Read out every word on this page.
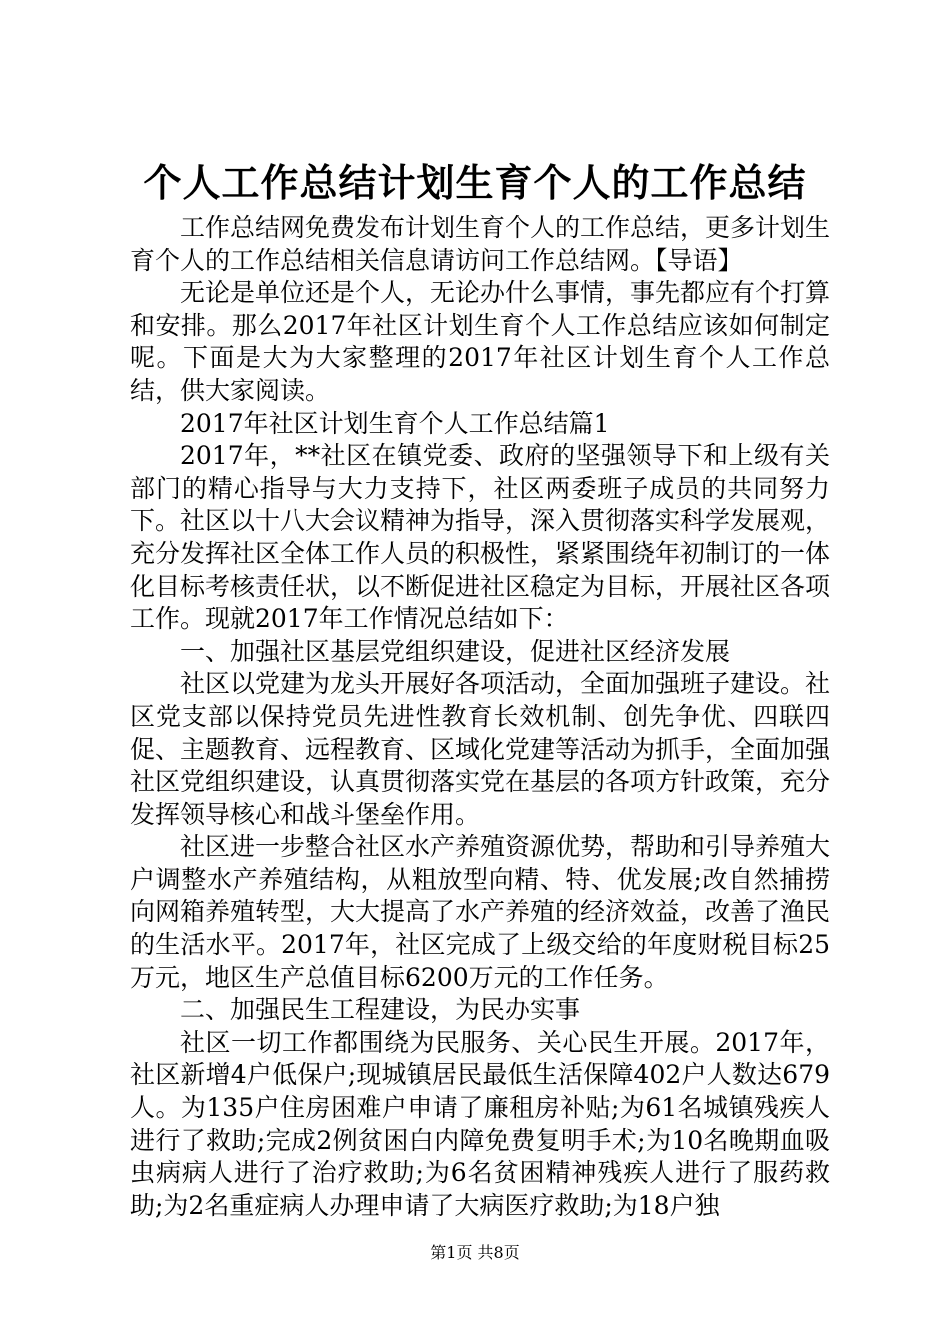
个人工作总结计划生育个人的工作总结

工作总结网免费发布计划生育个人的工作总结，更多计划生育个人的工作总结相关信息请访问工作总结网。【导语】

无论是单位还是个人，无论办什么事情，事先都应有个打算和安排。那么2017年社区计划生育个人工作总结应该如何制定呢。下面是大为大家整理的2017年社区计划生育个人工作总结，供大家阅读。

2017年社区计划生育个人工作总结篇1

2017年，**社区在镇党委、政府的坚强领导下和上级有关部门的精心指导与大力支持下，社区两委班子成员的共同努力下。社区以十八大会议精神为指导，深入贯彻落实科学发展观，充分发挥社区全体工作人员的积极性，紧紧围绕年初制订的一体化目标考核责任状，以不断促进社区稳定为目标，开展社区各项工作。现就2017年工作情况总结如下：

一、加强社区基层党组织建设，促进社区经济发展

社区以党建为龙头开展好各项活动，全面加强班子建设。社区党支部以保持党员先进性教育长效机制、创先争优、四联四促、主题教育、远程教育、区域化党建等活动为抓手，全面加强社区党组织建设，认真贯彻落实党在基层的各项方针政策，充分发挥领导核心和战斗堡垒作用。

社区进一步整合社区水产养殖资源优势，帮助和引导养殖大户调整水产养殖结构，从粗放型向精、特、优发展;改自然捕捞向网箱养殖转型，大大提高了水产养殖的经济效益，改善了渔民的生活水平。2017年，社区完成了上级交给的年度财税目标25万元，地区生产总值目标6200万元的工作任务。

二、加强民生工程建设，为民办实事

社区一切工作都围绕为民服务、关心民生开展。2017年，社区新增4户低保户;现城镇居民最低生活保障402户人数达679人。为135户住房困难户申请了廉租房补贴;为61名城镇残疾人进行了救助;完成2例贫困白内障免费复明手术;为10名晚期血吸虫病病人进行了治疗救助;为6名贫困精神残疾人进行了服药救助;为2名重症病人办理申请了大病医疗救助;为18户独

第1页 共8页
